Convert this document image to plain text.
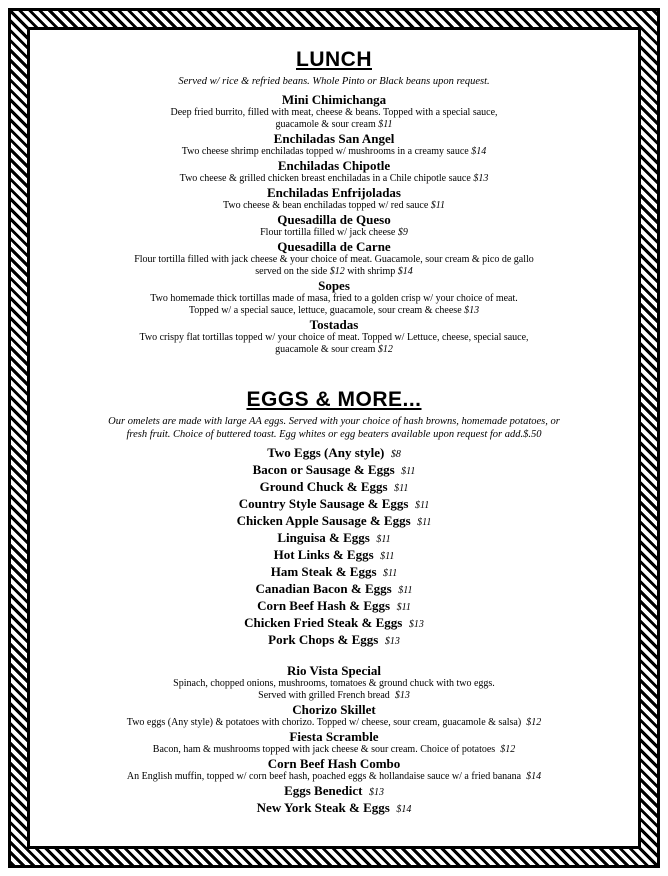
LUNCH
Served w/ rice & refried beans. Whole Pinto or Black beans upon request.
Mini Chimichanga
Deep fried burrito, filled with meat, cheese & beans. Topped with a special sauce,
guacamole & sour cream $11
Enchiladas San Angel
Two cheese shrimp enchiladas topped w/ mushrooms in a creamy sauce $14
Enchiladas Chipotle
Two cheese & grilled chicken breast enchiladas in a Chile chipotle sauce $13
Enchiladas Enfrijoladas
Two cheese & bean enchiladas topped w/ red sauce $11
Quesadilla de Queso
Flour tortilla filled w/ jack cheese $9
Quesadilla de Carne
Flour tortilla filled with jack cheese & your choice of meat. Guacamole, sour cream & pico de gallo
served on the side $12 with shrimp $14
Sopes
Two homemade thick tortillas made of masa, fried to a golden crisp w/ your choice of meat.
Topped w/ a special sauce, lettuce, guacamole, sour cream & cheese $13
Tostadas
Two crispy flat tortillas topped w/ your choice of meat. Topped w/ Lettuce, cheese, special sauce,
guacamole & sour cream $12
EGGS & MORE...
Our omelets are made with large AA eggs. Served with your choice of hash browns, homemade potatoes, or
fresh fruit. Choice of buttered toast. Egg whites or egg beaters available upon request for add.$.50
Two Eggs (Any style) $8
Bacon or Sausage & Eggs $11
Ground Chuck & Eggs $11
Country Style Sausage & Eggs $11
Chicken Apple Sausage & Eggs $11
Linguisa & Eggs $11
Hot Links & Eggs $11
Ham Steak & Eggs $11
Canadian Bacon & Eggs $11
Corn Beef Hash & Eggs $11
Chicken Fried Steak & Eggs $13
Pork Chops & Eggs $13
Rio Vista Special
Spinach, chopped onions, mushrooms, tomatoes & ground chuck with two eggs.
Served with grilled French bread $13
Chorizo Skillet
Two eggs (Any style) & potatoes with chorizo. Topped w/ cheese, sour cream, guacamole & salsa) $12
Fiesta Scramble
Bacon, ham & mushrooms topped with jack cheese & sour cream. Choice of potatoes $12
Corn Beef Hash Combo
An English muffin, topped w/ corn beef hash, poached eggs & hollandaise sauce w/ a fried banana $14
Eggs Benedict $13
New York Steak & Eggs $14
